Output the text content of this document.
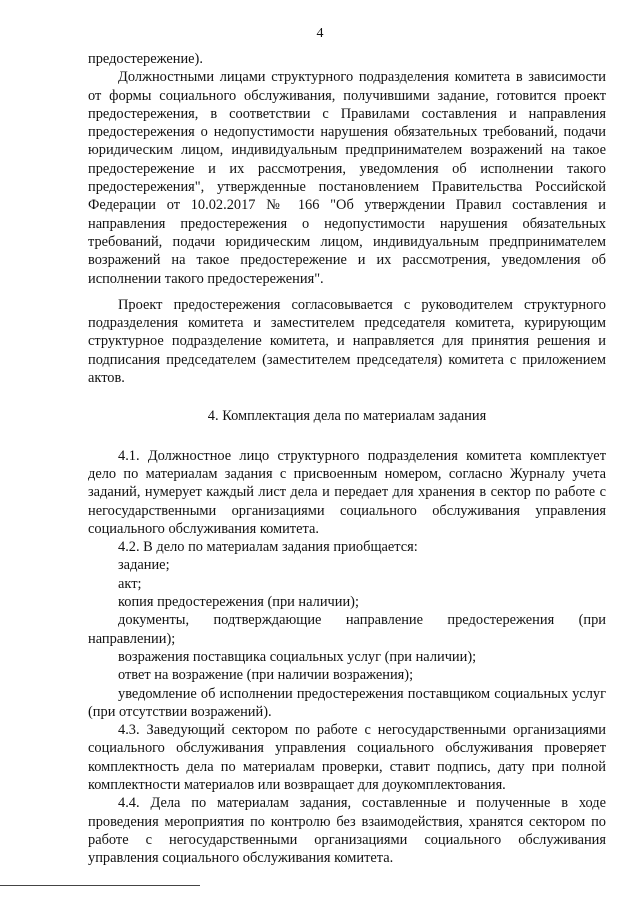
4

предостережение).

Должностными лицами структурного подразделения комитета в зависимости от формы социального обслуживания, получившими задание, готовится проект предостережения, в соответствии с Правилами составления и направления предостережения о недопустимости нарушения обязательных требований, подачи юридическим лицом, индивидуальным предпринимателем возражений на такое предостережение и их рассмотрения, уведомления об исполнении такого предостережения", утвержденные постановлением Правительства Российской Федерации от 10.02.2017 № 166 "Об утверждении Правил составления и направления предостережения о недопустимости нарушения обязательных требований, подачи юридическим лицом, индивидуальным предпринимателем возражений на такое предостережение и их рассмотрения, уведомления об исполнении такого предостережения".

Проект предостережения согласовывается с руководителем структурного подразделения комитета и заместителем председателя комитета, курирующим структурное подразделение комитета, и направляется для принятия решения и подписания председателем (заместителем председателя) комитета с приложением актов.

4. Комплектация дела по материалам задания

4.1. Должностное лицо структурного подразделения комитета комплектует дело по материалам задания с присвоенным номером, согласно Журналу учета заданий, нумерует каждый лист дела и передает для хранения в сектор по работе с негосударственными организациями социального обслуживания управления социального обслуживания комитета.

4.2. В дело по материалам задания приобщается:

задание;

акт;

копия предостережения (при наличии);

документы, подтверждающие направление предостережения (при направлении);

возражения поставщика социальных услуг (при наличии);

ответ на возражение (при наличии возражения);

уведомление об исполнении предостережения поставщиком социальных услуг (при отсутствии возражений).

4.3. Заведующий сектором по работе с негосударственными организациями социального обслуживания управления социального обслуживания проверяет комплектность дела по материалам проверки, ставит подпись, дату при полной комплектности материалов или возвращает для доукомплектования.

4.4. Дела по материалам задания, составленные и полученные в ходе проведения мероприятия по контролю без взаимодействия, хранятся сектором по работе с негосударственными организациями социального обслуживания управления социального обслуживания комитета.
